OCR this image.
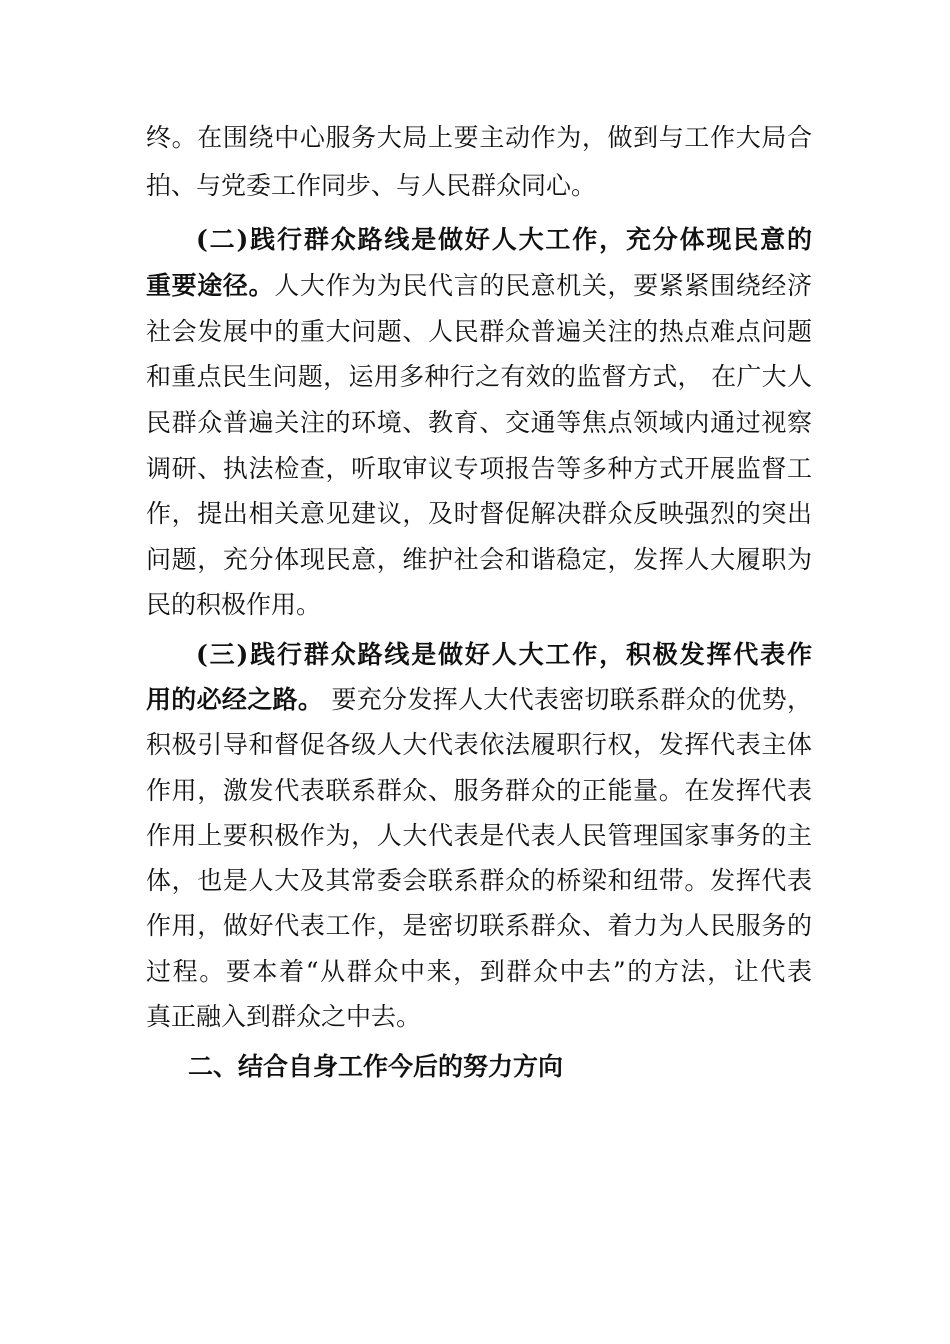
终。在围绕中心服务大局上要主动作为，做到与工作大局合
拍、与党委工作同步、与人民群众同心。
(二)践行群众路线是做好人大工作，充分体现民意的
重要途径。人大作为为民代言的民意机关，要紧紧围绕经济
社会发展中的重大问题、人民群众普遍关注的热点难点问题
和重点民生问题，运用多种行之有效的监督方式， 在广大人
民群众普遍关注的环境、教育、交通等焦点领域内通过视察
调研、执法检查，听取审议专项报告等多种方式开展监督工
作，提出相关意见建议，及时督促解决群众反映强烈的突出
问题，充分体现民意，维护社会和谐稳定，发挥人大履职为
民的积极作用。
(三)践行群众路线是做好人大工作，积极发挥代表作
用的必经之路。 要充分发挥人大代表密切联系群众的优势，
积极引导和督促各级人大代表依法履职行权，发挥代表主体
作用，激发代表联系群众、服务群众的正能量。在发挥代表
作用上要积极作为，人大代表是代表人民管理国家事务的主
体，也是人大及其常委会联系群众的桥梁和纽带。发挥代表
作用，做好代表工作，是密切联系群众、着力为人民服务的
过程。要本着“从群众中来，到群众中去”的方法，让代表
真正融入到群众之中去。
二、结合自身工作今后的努力方向
